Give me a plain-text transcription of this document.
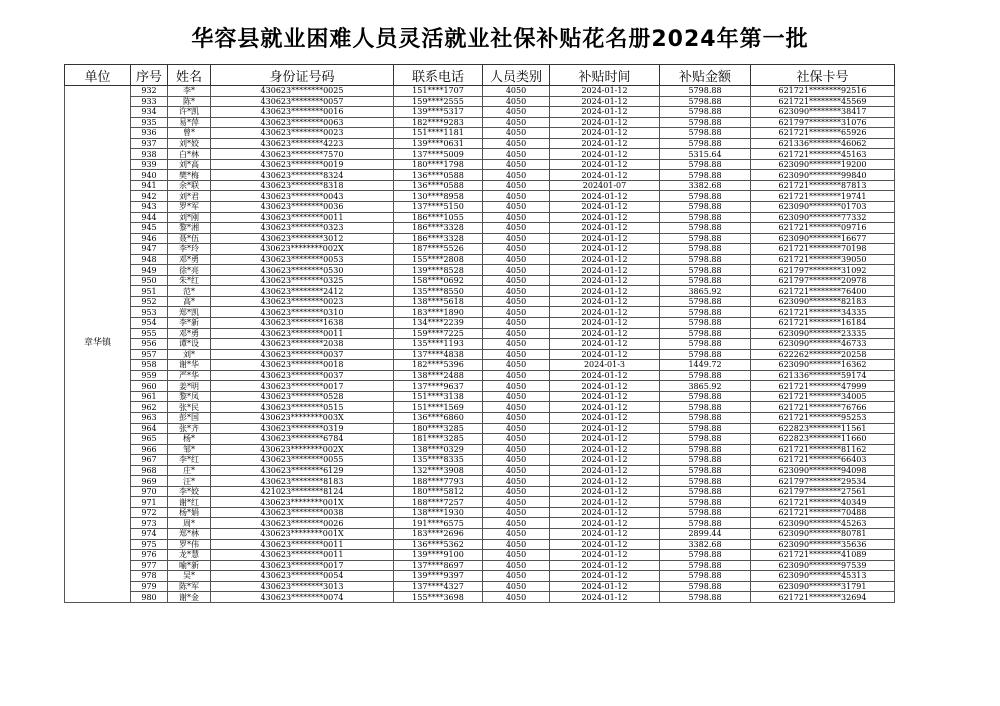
华容县就业困难人员灵活就业社保补贴花名册2024年第一批
单位	序号	姓名	身份证号码	联系电话	人员类别	补贴时间	补贴金额	社保卡号
章华镇	932	李*	430623********0025	151****1707	4050	2024-01-12	5798.88	621721********92516
	933	陈*	430623********0057	159****2555	4050	2024-01-12	5798.88	621721********45569
	934	许*凯	430623********0016	139****5317	4050	2024-01-12	5798.88	623090********38417
	935	易*萍	430623********0063	182****9283	4050	2024-01-12	5798.88	621797********31076
	936	曾*	430623********0023	151****1181	4050	2024-01-12	5798.88	621721********65926
	937	刘*姣	430623********4223	139****0631	4050	2024-01-12	5798.88	621336********46062
	938	白*林	430623********7570	137****5009	4050	2024-01-12	5315.64	621721********45163
	939	刘*高	430623********0019	180****1798	4050	2024-01-12	5798.88	623090********19200
	940	樊*梅	430623********8324	136****0588	4050	2024-01-12	5798.88	623090********99840
	941	余*联	430623********8318	136****0588	4050	202401-07	3382.68	621721********87813
	942	刘*君	430623********0043	130****8958	4050	2024-01-12	5798.88	621721********19741
	943	罗*军	430623********0036	137****5150	4050	2024-01-12	5798.88	623090********01703
	944	刘*刚	430623********0011	186****1055	4050	2024-01-12	5798.88	623090********77332
	945	黎*湘	430623********0323	186****3328	4050	2024-01-12	5798.88	621721********09716
	946	聂*伍	430623********3012	186****3328	4050	2024-01-12	5798.88	623090********16677
	947	李*玲	430623********002X	187****5526	4050	2024-01-12	5798.88	621721********70198
	948	邓*勇	430623********0053	155****2808	4050	2024-01-12	5798.88	621721********39050
	949	徐*亮	430623********0530	139****8528	4050	2024-01-12	5798.88	621797********31092
	950	朱*红	430623********0325	158****0692	4050	2024-01-12	5798.88	621797********20978
	951	范*	430623********2412	135****8550	4050	2024-01-12	3865.92	621721********76400
	952	高*	430623********0023	138****5618	4050	2024-01-12	5798.88	623090********82183
	953	郑*凯	430623********0310	183****1890	4050	2024-01-12	5798.88	621721********34335
	954	李*新	430623********1638	134****2239	4050	2024-01-12	5798.88	621721********16184
	955	邓*勇	430623********0011	159****7225	4050	2024-01-12	5798.88	623090********23335
	956	谭*设	430623********2038	135****1193	4050	2024-01-12	5798.88	623090********46733
	957	刘*	430623********0037	137****4838	4050	2024-01-12	5798.88	622262********20258
	958	谢*华	430623********0018	182****5396	4050	2024-01-3	1449.72	623090********16362
	959	严*华	430623********0037	138****2488	4050	2024-01-12	5798.88	621336********59174
	960	姜*明	430623********0017	137****9637	4050	2024-01-12	3865.92	621721********47999
	961	黎*凤	430623********0528	151****3138	4050	2024-01-12	5798.88	621721********34005
	962	张*民	430623********0515	151****1569	4050	2024-01-12	5798.88	621721********76766
	963	彭*国	430623********003X	136****6860	4050	2024-01-12	5798.88	621721********95253
	964	张*齐	430623********0319	180****3285	4050	2024-01-12	5798.88	622823********11561
	965	杨*	430623********6784	181****3285	4050	2024-01-12	5798.88	622823********11660
	966	邹*	430623********002X	138****0329	4050	2024-01-12	5798.88	621721********81162
	967	李*红	430623********0055	135****8335	4050	2024-01-12	5798.88	621721********66403
	968	庄*	430623********6129	132****3908	4050	2024-01-12	5798.88	623090********94098
	969	汪*	430623********8183	188****7793	4050	2024-01-12	5798.88	621797********29534
	970	李*姣	421023********8124	180****5812	4050	2024-01-12	5798.88	621797********27561
	971	谢*红	430623********001X	188****7257	4050	2024-01-12	5798.88	621721********40349
	972	杨*娟	430623********0038	138****1930	4050	2024-01-12	5798.88	621721********70488
	973	周*	430623********0026	191****6575	4050	2024-01-12	5798.88	623090********45263
	974	郑*林	430623********001X	183****2696	4050	2024-01-12	2899.44	623090********80781
	975	罗*伟	430623********0011	136****5362	4050	2024-01-12	3382.68	623090********35636
	976	龙*慧	430623********0011	139****9100	4050	2024-01-12	5798.88	621721********41089
	977	喻*新	430623********0017	137****8697	4050	2024-01-12	5798.88	623090********97539
	978	吴*	430623********0054	139****9397	4050	2024-01-12	5798.88	623090********45313
	979	陈*军	430623********3013	137****4327	4050	2024-01-12	5798.88	623090********31791
	980	谢*金	430623********0074	155****3698	4050	2024-01-12	5798.88	621721********32694
